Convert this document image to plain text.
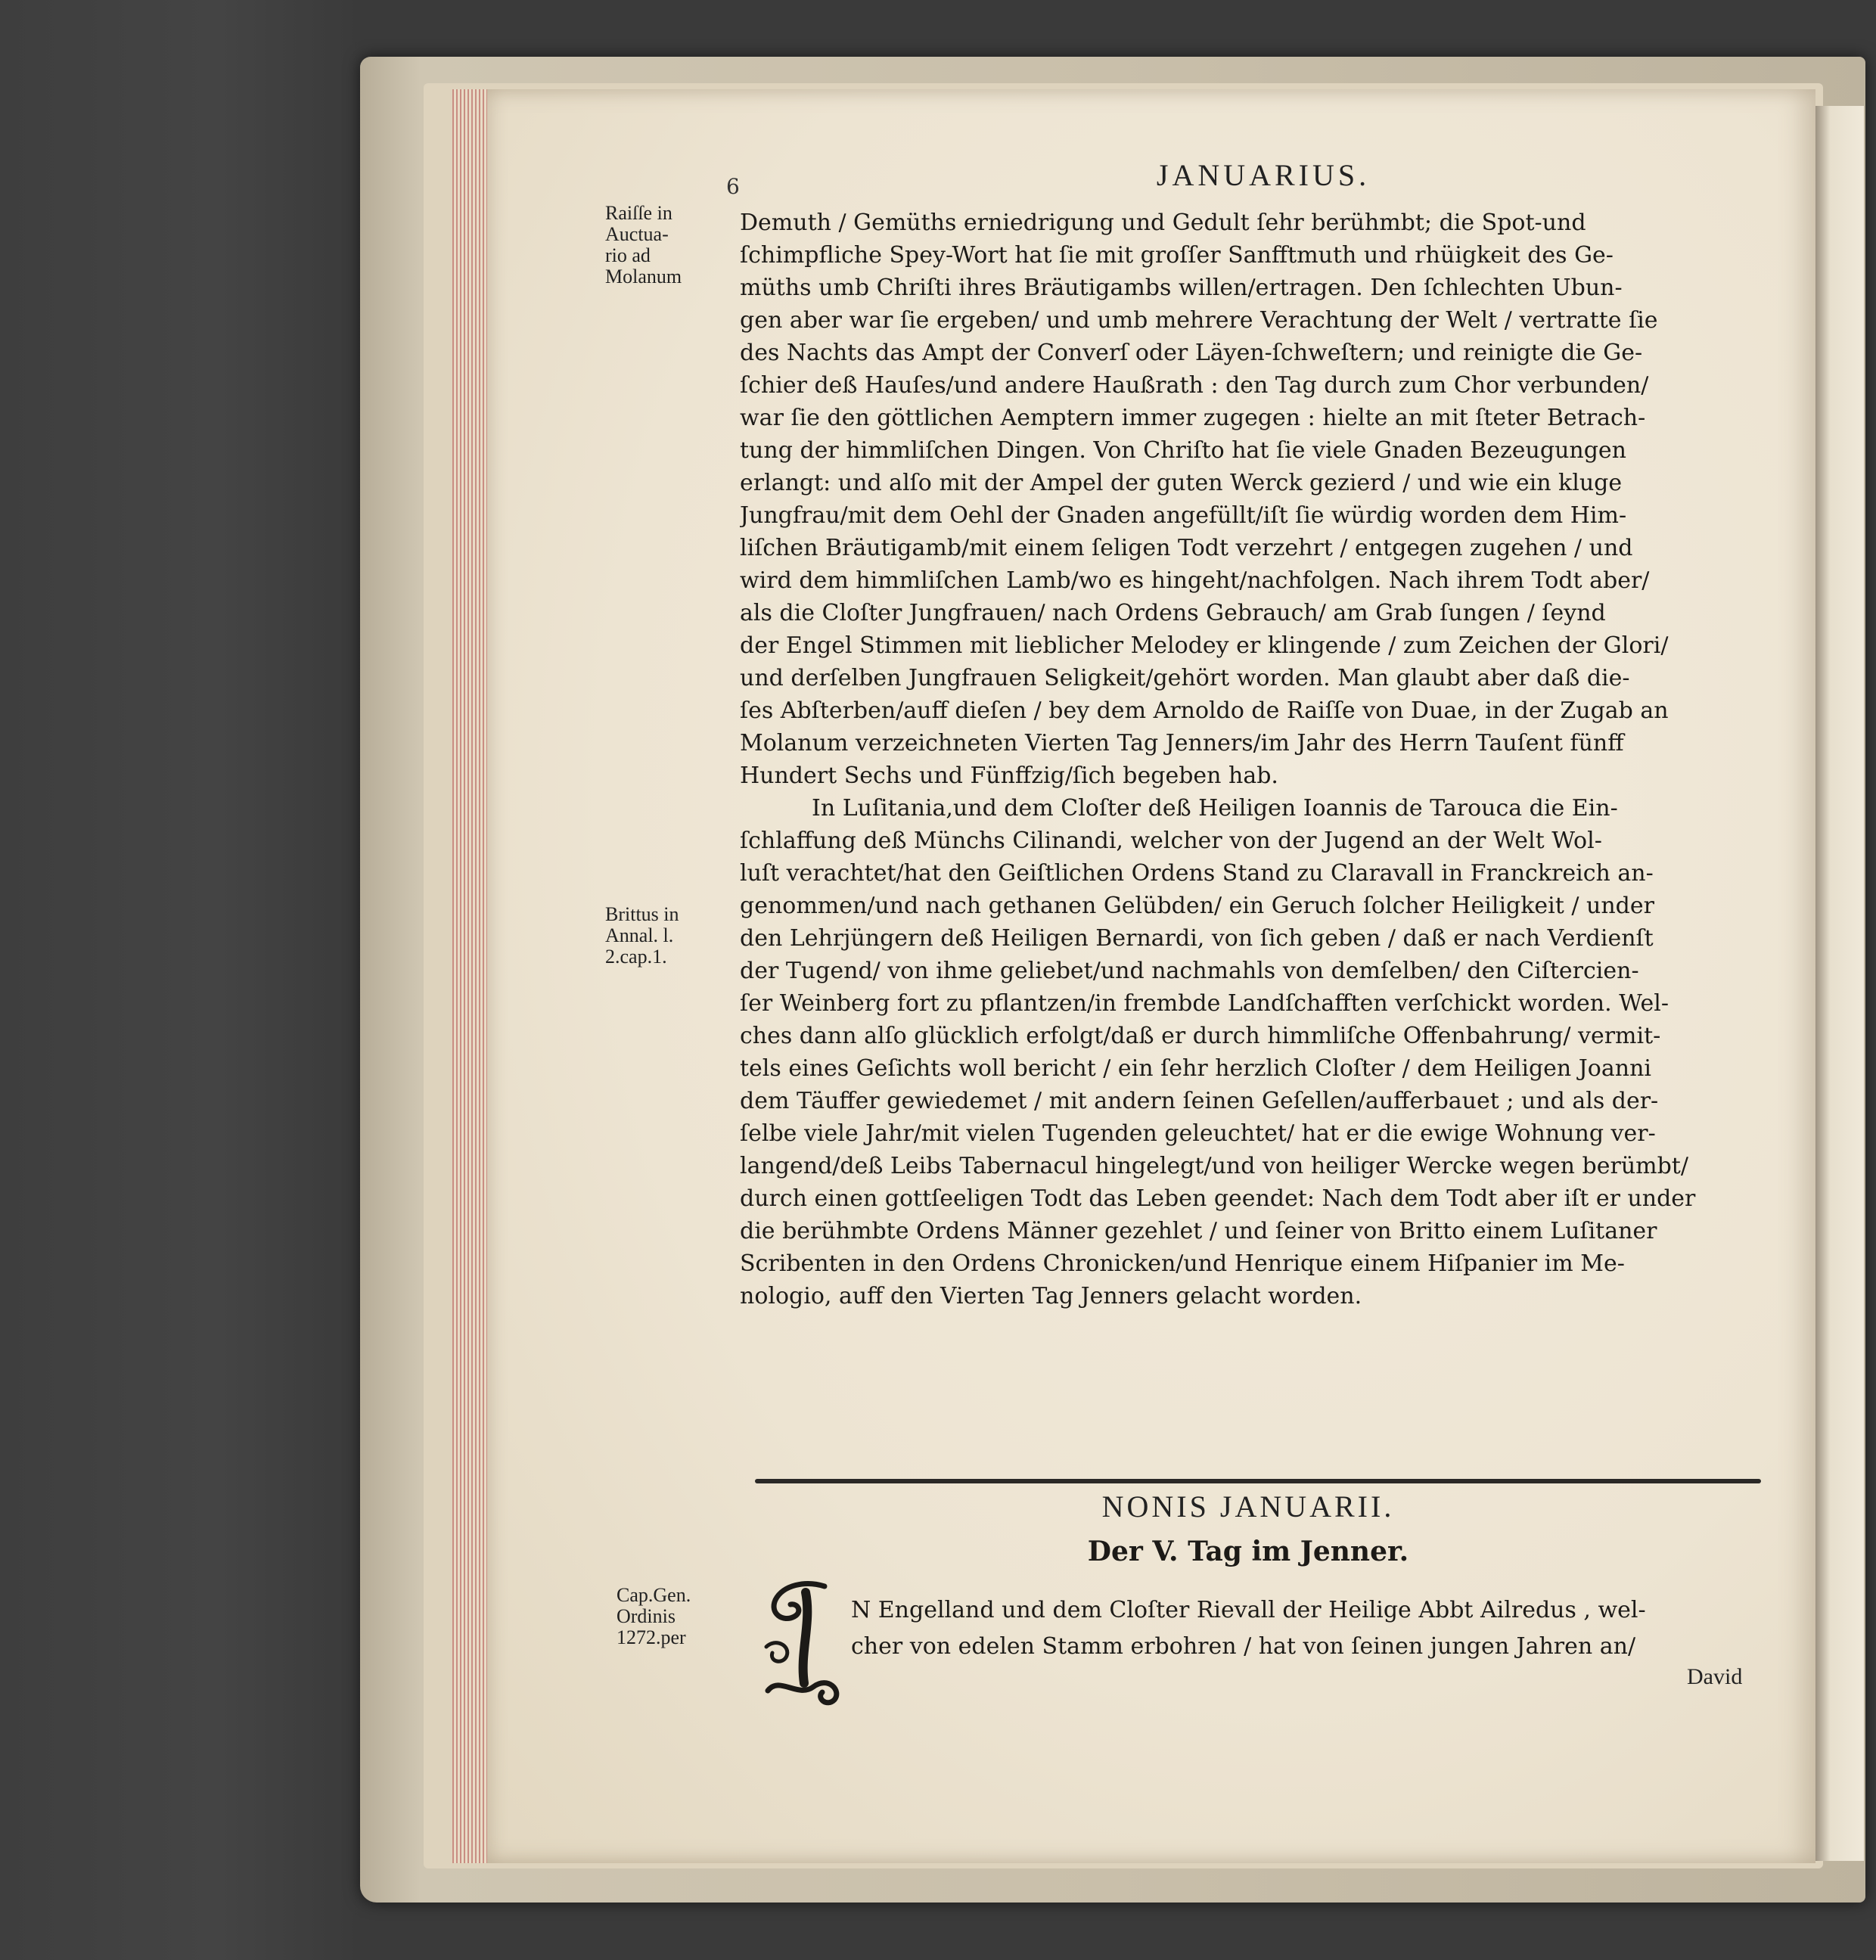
6	JANUARIUS.
Raiſſe in
Auctua-
rio ad
Molanum
Brittus in
Annal. l.
2.cap.1.
Cap.Gen.
Ordinis
1272.per
Demuth / Gemüths erniedrigung und Gedult ſehr berühmbt; die Spot-und
ſchimpfliche Spey-Wort hat ſie mit groſſer Sanfftmuth und rhüigkeit des Ge-
müths umb Chriſti ihres Bräutigambs willen/ertragen. Den ſchlechten Ubun-
gen aber war ſie ergeben/ und umb mehrere Verachtung der Welt / vertratte ſie
des Nachts das Ampt der Converſ oder Läyen-ſchweſtern; und reinigte die Ge-
ſchier deß Hauſes/und andere Haußrath : den Tag durch zum Chor verbunden/
war ſie den göttlichen Aemptern immer zugegen : hielte an mit ſteter Betrach-
tung der himmliſchen Dingen. Von Chriſto hat ſie viele Gnaden Bezeugungen
erlangt: und alſo mit der Ampel der guten Werck gezierd / und wie ein kluge
Jungfrau/mit dem Oehl der Gnaden angefüllt/iſt ſie würdig worden dem Him-
liſchen Bräutigamb/mit einem ſeligen Todt verzehrt / entgegen zugehen / und
wird dem himmliſchen Lamb/wo es hingeht/nachfolgen. Nach ihrem Todt aber/
als die Cloſter Jungfrauen/ nach Ordens Gebrauch/ am Grab ſungen / ſeynd
der Engel Stimmen mit lieblicher Melodey er klingende / zum Zeichen der Glori/
und derſelben Jungfrauen Seligkeit/gehört worden. Man glaubt aber daß die-
ſes Abſterben/auff dieſen / bey dem Arnoldo de Raiſſe von Duae, in der Zugab an
Molanum verzeichneten Vierten Tag Jenners/im Jahr des Herrn Tauſent fünff
Hundert Sechs und Fünffzig/ſich begeben hab.
In Luſitania,und dem Cloſter deß Heiligen Ioannis de Tarouca die Ein-
ſchlaffung deß Münchs Cilinandi, welcher von der Jugend an der Welt Wol-
luſt verachtet/hat den Geiſtlichen Ordens Stand zu Claravall in Franckreich an-
genommen/und nach gethanen Gelübden/ ein Geruch ſolcher Heiligkeit / under
den Lehrjüngern deß Heiligen Bernardi, von ſich geben / daß er nach Verdienſt
der Tugend/ von ihme geliebet/und nachmahls von demſelben/ den Ciſtercien-
ſer Weinberg fort zu pflantzen/in frembde Landſchafften verſchickt worden. Wel-
ches dann alſo glücklich erfolgt/daß er durch himmliſche Offenbahrung/ vermit-
tels eines Geſichts woll bericht / ein ſehr herzlich Cloſter / dem Heiligen Joanni
dem Täuffer gewiedemet / mit andern ſeinen Geſellen/aufferbauet ; und als der-
ſelbe viele Jahr/mit vielen Tugenden geleuchtet/ hat er die ewige Wohnung ver-
langend/deß Leibs Tabernacul hingelegt/und von heiliger Wercke wegen berümbt/
durch einen gottſeeligen Todt das Leben geendet: Nach dem Todt aber iſt er under
die berühmbte Ordens Männer gezehlet / und ſeiner von Britto einem Luſitaner
Scribenten in den Ordens Chronicken/und Henrique einem Hiſpanier im Me-
nologio, auff den Vierten Tag Jenners gelacht worden.
NONIS JANUARII.
Der V. Tag im Jenner.
N Engelland und dem Cloſter Rievall der Heilige Abbt Ailredus , wel-
cher von edelen Stamm erbohren / hat von ſeinen jungen Jahren an/
David
